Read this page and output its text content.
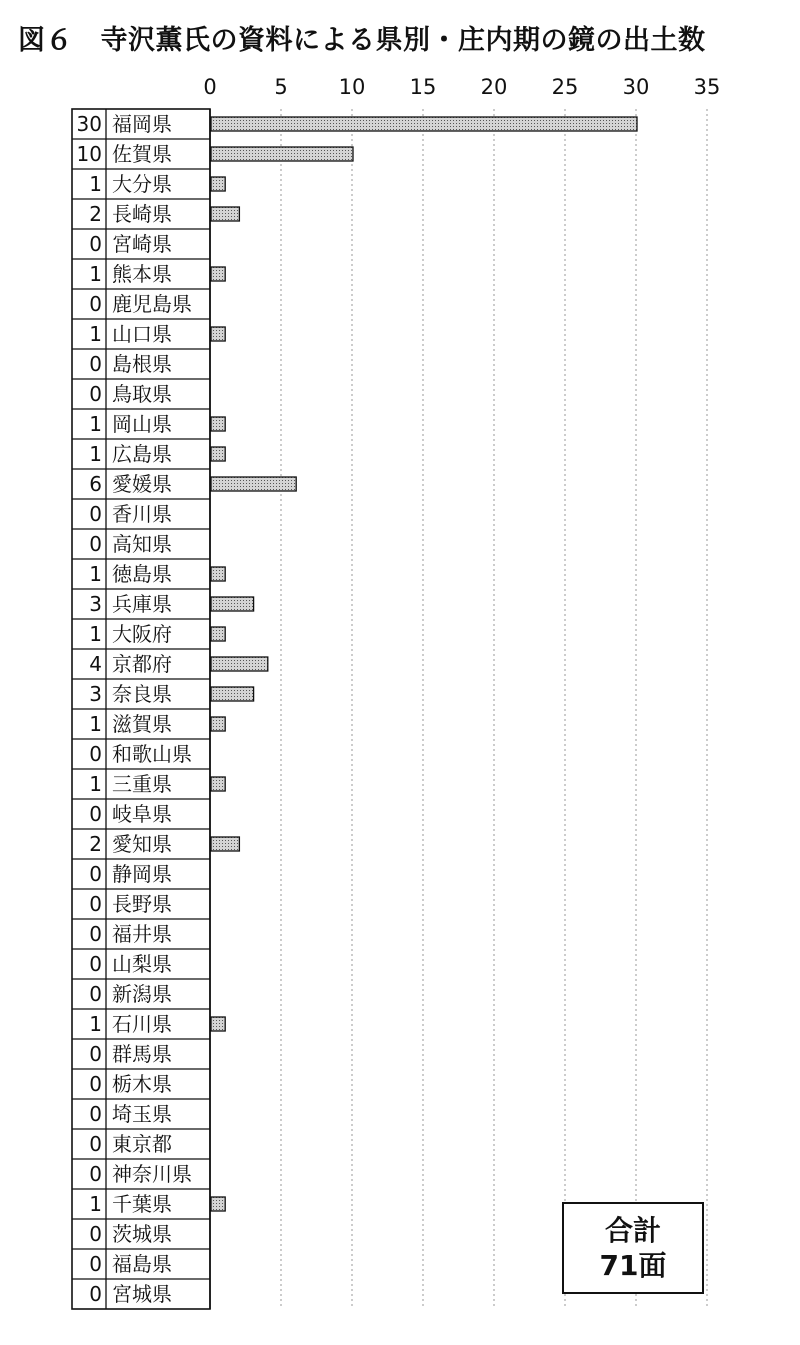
図６　寺沢薫氏の資料による県別・庄内期の鏡の出土数
0	5 10 15 20 25 30 35
30 福岡県
10 佐賀県
1 大分県
2 長崎県
0 宮崎県
1 熊本県
0 鹿児島県
1 山口県
0 島根県
0 鳥取県
1 岡山県
1 広島県
6 愛媛県
0 香川県
0 高知県
1 徳島県
3 兵庫県
1 大阪府
4 京都府
3 奈良県
1 滋賀県
0 和歌山県
1 三重県
0 岐阜県
2 愛知県
0 静岡県
0 長野県
0 福井県
0 山梨県
0 新潟県
1 石川県
0 群馬県
0 栃木県
0 埼玉県
0 東京都
0 神奈川県
1 千葉県
0 茨城県
0 福島県
0 宮城県
合計
71面
